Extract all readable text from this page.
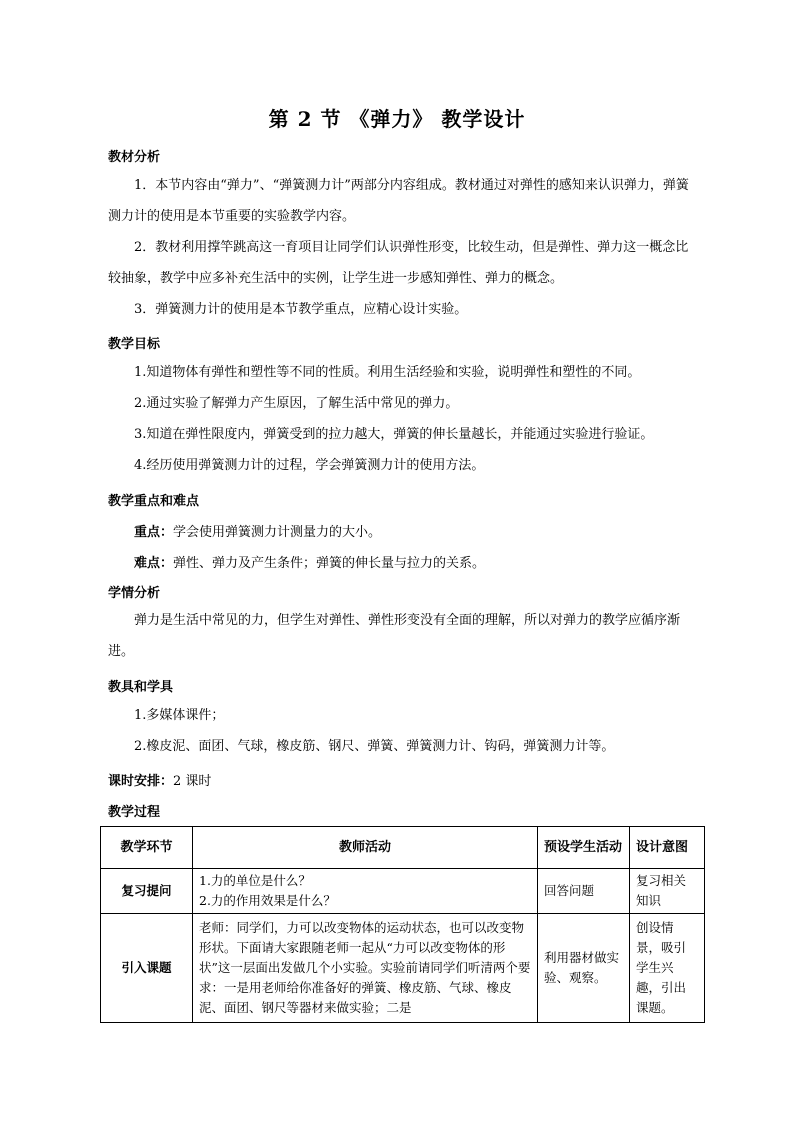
第 2 节 《弹力》 教学设计
教材分析
1．本节内容由“弹力”、“弹簧测力计”两部分内容组成。教材通过对弹性的感知来认识弹力，弹簧测力计的使用是本节重要的实验教学内容。
2．教材利用撑竿跳高这一育项目让同学们认识弹性形变，比较生动，但是弹性、弹力这一概念比较抽象，教学中应多补充生活中的实例，让学生进一步感知弹性、弹力的概念。
3．弹簧测力计的使用是本节教学重点，应精心设计实验。
教学目标
1.知道物体有弹性和塑性等不同的性质。利用生活经验和实验，说明弹性和塑性的不同。
2.通过实验了解弹力产生原因，了解生活中常见的弹力。
3.知道在弹性限度内，弹簧受到的拉力越大，弹簧的伸长量越长，并能通过实验进行验证。
4.经历使用弹簧测力计的过程，学会弹簧测力计的使用方法。
教学重点和难点
重点：学会使用弹簧测力计测量力的大小。
难点：弹性、弹力及产生条件；弹簧的伸长量与拉力的关系。
学情分析
弹力是生活中常见的力，但学生对弹性、弹性形变没有全面的理解，所以对弹力的教学应循序渐进。
教具和学具
1.多媒体课件；
2.橡皮泥、面团、气球，橡皮筋、钢尺、弹簧、弹簧测力计、钩码，弹簧测力计等。
课时安排：2 课时
教学过程
教学环节	教师活动	预设学生活动	设计意图
复习提问	1.力的单位是什么？
2.力的作用效果是什么？	回答问题	复习相关知识
引入课题	老师：同学们，力可以改变物体的运动状态，也可以改变物形状。下面请大家跟随老师一起从“力可以改变物体的形状”这一层面出发做几个小实验。实验前请同学们听清两个要求：一是用老师给你准备好的弹簧、橡皮筋、气球、橡皮泥、面团、钢尺等器材来做实验；二是	利用器材做实验、观察。	创设情景，吸引学生兴趣，引出课题。
